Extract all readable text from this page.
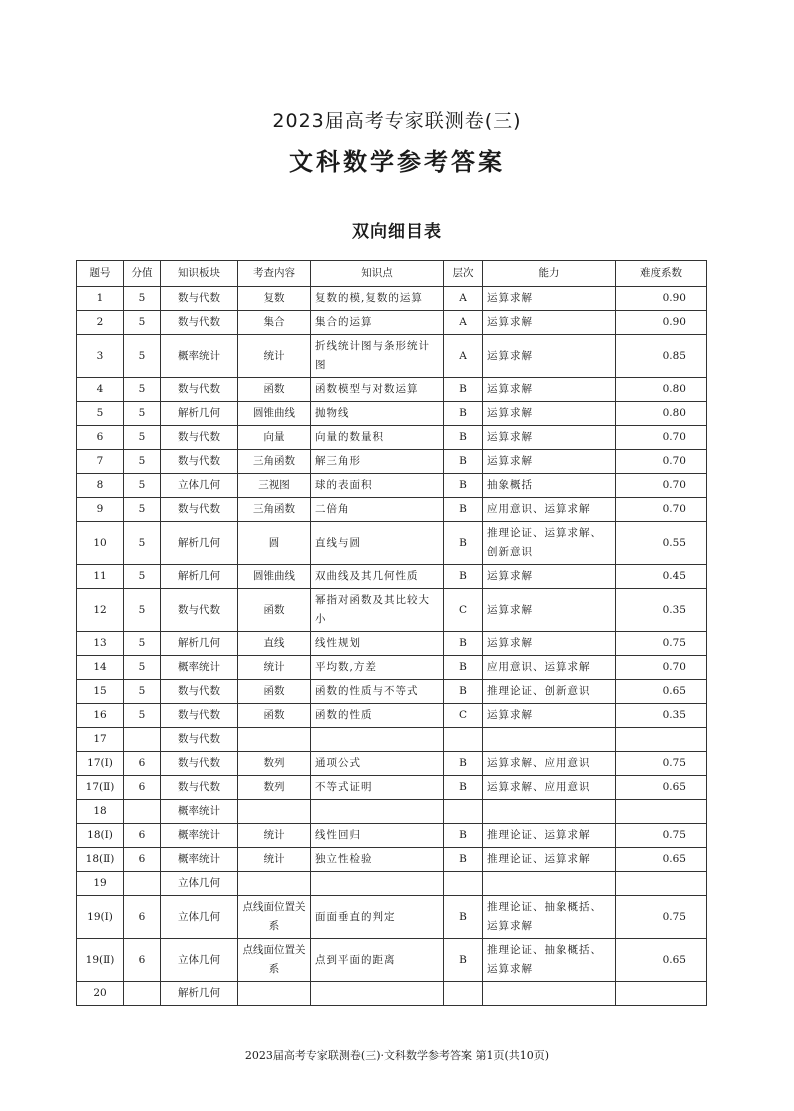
2023届高考专家联测卷(三)
文科数学参考答案
双向细目表
题号	分值	知识板块	考查内容	知识点	层次	能力	难度系数
1	5	数与代数	复数	复数的模,复数的运算	A	运算求解	0.90
2	5	数与代数	集合	集合的运算	A	运算求解	0.90
3	5	概率统计	统计	折线统计图与条形统计图	A	运算求解	0.85
4	5	数与代数	函数	函数模型与对数运算	B	运算求解	0.80
5	5	解析几何	圆锥曲线	抛物线	B	运算求解	0.80
6	5	数与代数	向量	向量的数量积	B	运算求解	0.70
7	5	数与代数	三角函数	解三角形	B	运算求解	0.70
8	5	立体几何	三视图	球的表面积	B	抽象概括	0.70
9	5	数与代数	三角函数	二倍角	B	应用意识、运算求解	0.70
10	5	解析几何	圆	直线与圆	B	推理论证、运算求解、创新意识	0.55
11	5	解析几何	圆锥曲线	双曲线及其几何性质	B	运算求解	0.45
12	5	数与代数	函数	幂指对函数及其比较大小	C	运算求解	0.35
13	5	解析几何	直线	线性规划	B	运算求解	0.75
14	5	概率统计	统计	平均数,方差	B	应用意识、运算求解	0.70
15	5	数与代数	函数	函数的性质与不等式	B	推理论证、创新意识	0.65
16	5	数与代数	函数	函数的性质	C	运算求解	0.35
17		数与代数					
17(Ⅰ)	6	数与代数	数列	通项公式	B	运算求解、应用意识	0.75
17(Ⅱ)	6	数与代数	数列	不等式证明	B	运算求解、应用意识	0.65
18		概率统计					
18(Ⅰ)	6	概率统计	统计	线性回归	B	推理论证、运算求解	0.75
18(Ⅱ)	6	概率统计	统计	独立性检验	B	推理论证、运算求解	0.65
19		立体几何					
19(Ⅰ)	6	立体几何	点线面位置关系	面面垂直的判定	B	推理论证、抽象概括、运算求解	0.75
19(Ⅱ)	6	立体几何	点线面位置关系	点到平面的距离	B	推理论证、抽象概括、运算求解	0.65
20		解析几何					
2023届高考专家联测卷(三)·文科数学参考答案 第1页(共10页)
